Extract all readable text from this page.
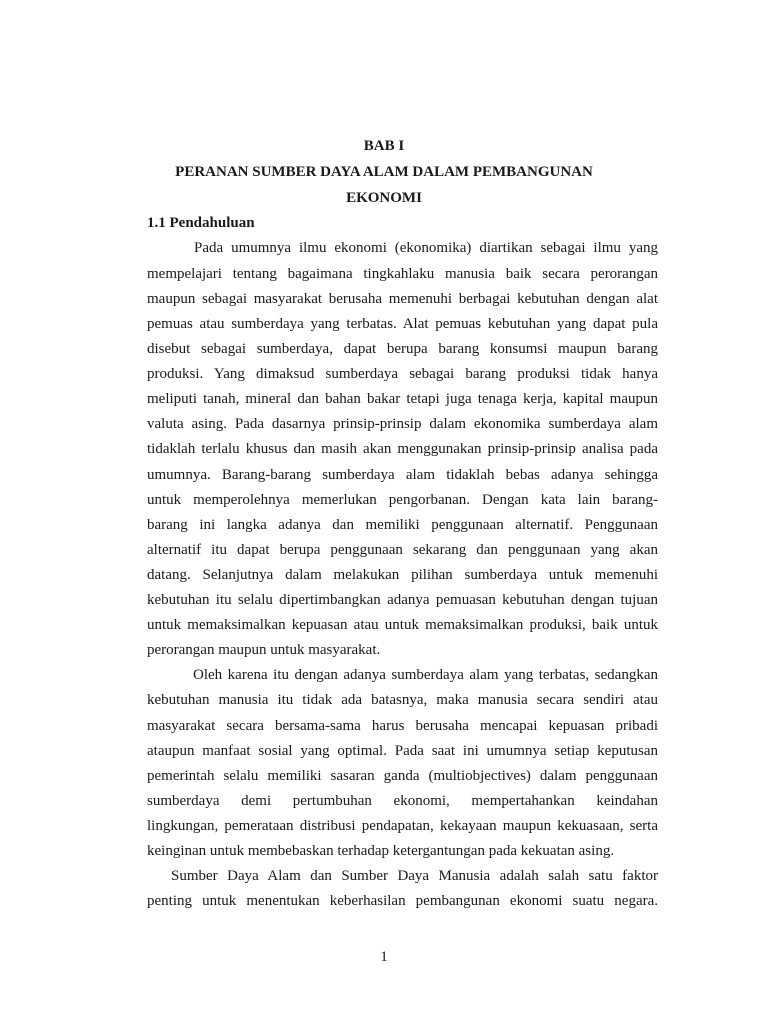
BAB I
PERANAN SUMBER DAYA ALAM DALAM PEMBANGUNAN
EKONOMI
1.1 Pendahuluan
Pada umumnya ilmu ekonomi (ekonomika) diartikan sebagai ilmu yang
mempelajari tentang bagaimana tingkahlaku manusia baik secara perorangan
maupun sebagai masyarakat berusaha memenuhi berbagai kebutuhan dengan alat
pemuas atau sumberdaya yang terbatas. Alat pemuas kebutuhan yang dapat pula
disebut sebagai sumberdaya, dapat berupa barang konsumsi maupun barang
produksi. Yang dimaksud sumberdaya sebagai barang produksi tidak hanya
meliputi tanah, mineral dan bahan bakar tetapi juga tenaga kerja, kapital maupun
valuta asing. Pada dasarnya prinsip-prinsip dalam ekonomika sumberdaya alam
tidaklah terlalu khusus dan masih akan menggunakan prinsip-prinsip analisa pada
umumnya. Barang-barang sumberdaya alam tidaklah bebas adanya sehingga
untuk memperolehnya memerlukan pengorbanan. Dengan kata lain barang-
barang ini langka adanya dan memiliki penggunaan alternatif. Penggunaan
alternatif itu dapat berupa penggunaan sekarang dan penggunaan yang akan
datang. Selanjutnya dalam melakukan pilihan sumberdaya untuk memenuhi
kebutuhan itu selalu dipertimbangkan adanya pemuasan kebutuhan dengan tujuan
untuk memaksimalkan kepuasan atau untuk memaksimalkan produksi, baik untuk
perorangan maupun untuk masyarakat.
Oleh karena itu dengan adanya sumberdaya alam yang terbatas, sedangkan
kebutuhan manusia itu tidak ada batasnya, maka manusia secara sendiri atau
masyarakat secara bersama-sama harus berusaha mencapai kepuasan pribadi
ataupun manfaat sosial yang optimal. Pada saat ini umumnya setiap keputusan
pemerintah selalu memiliki sasaran ganda (multiobjectives) dalam penggunaan
sumberdaya demi pertumbuhan ekonomi, mempertahankan keindahan
lingkungan, pemerataan distribusi pendapatan, kekayaan maupun kekuasaan, serta
keinginan untuk membebaskan terhadap ketergantungan pada kekuatan asing.
Sumber Daya Alam dan Sumber Daya Manusia adalah salah satu faktor
penting untuk menentukan keberhasilan pembangunan ekonomi suatu negara.
1
